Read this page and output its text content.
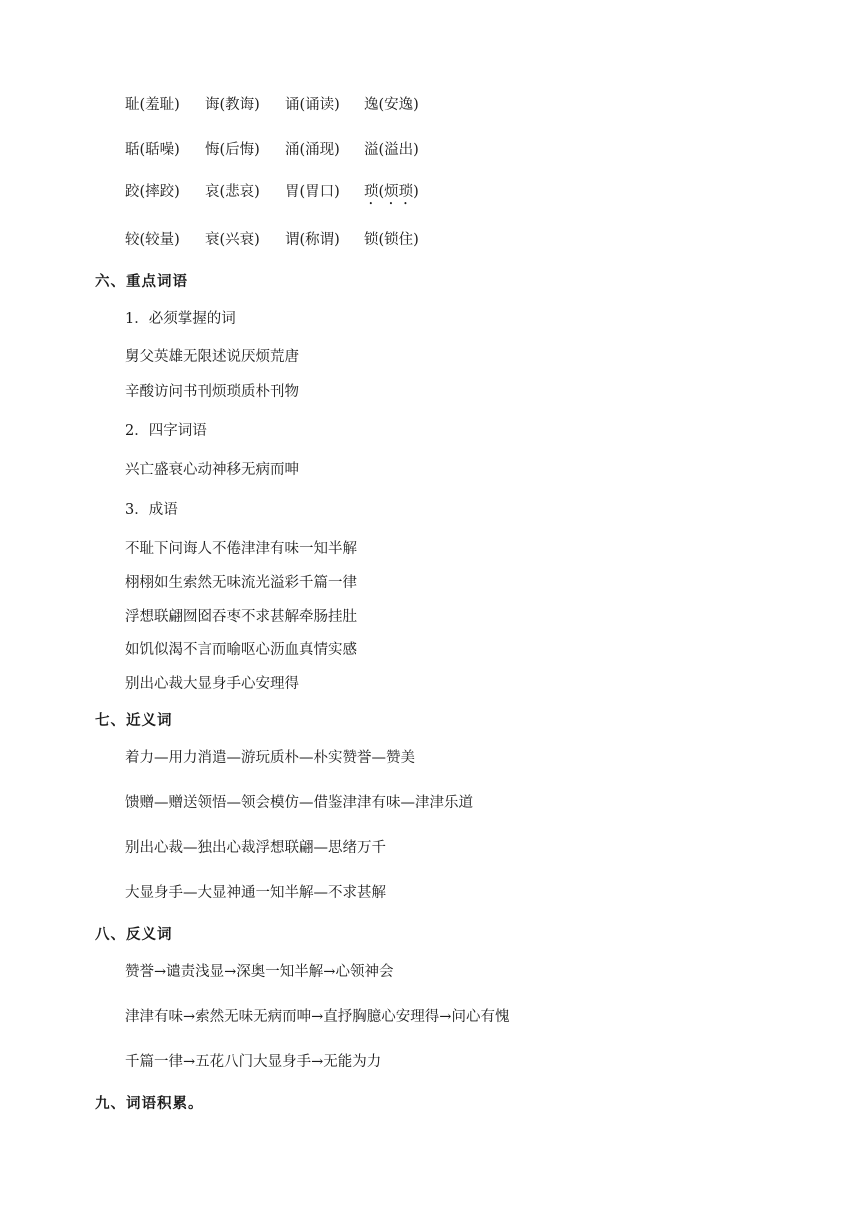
耻(羞耻) 诲(教诲) 诵(诵读) 逸(安逸)
聒(聒噪) 悔(后悔) 涌(涌现) 溢(溢出)
跤(摔跤) 哀(悲哀) 胃(胃口) 琐(烦琐)
较(较量) 衰(兴衰) 谓(称谓) 锁(锁住)
六、重点词语
1．必须掌握的词
舅父英雄无限述说厌烦荒唐
辛酸访问书刊烦琐质朴刊物
2．四字词语
兴亡盛衰心动神移无病而呻
3．成语
不耻下问诲人不倦津津有味一知半解
栩栩如生索然无味流光溢彩千篇一律
浮想联翩囫囵吞枣不求甚解牵肠挂肚
如饥似渴不言而喻呕心沥血真情实感
别出心裁大显身手心安理得
七、近义词
着力—用力消遣—游玩质朴—朴实赞誉—赞美
馈赠—赠送领悟—领会模仿—借鉴津津有味—津津乐道
别出心裁—独出心裁浮想联翩—思绪万千
大显身手—大显神通一知半解—不求甚解
八、反义词
赞誉→谴责浅显→深奥一知半解→心领神会
津津有味→索然无味无病而呻→直抒胸臆心安理得→问心有愧
千篇一律→五花八门大显身手→无能为力
九、词语积累。
